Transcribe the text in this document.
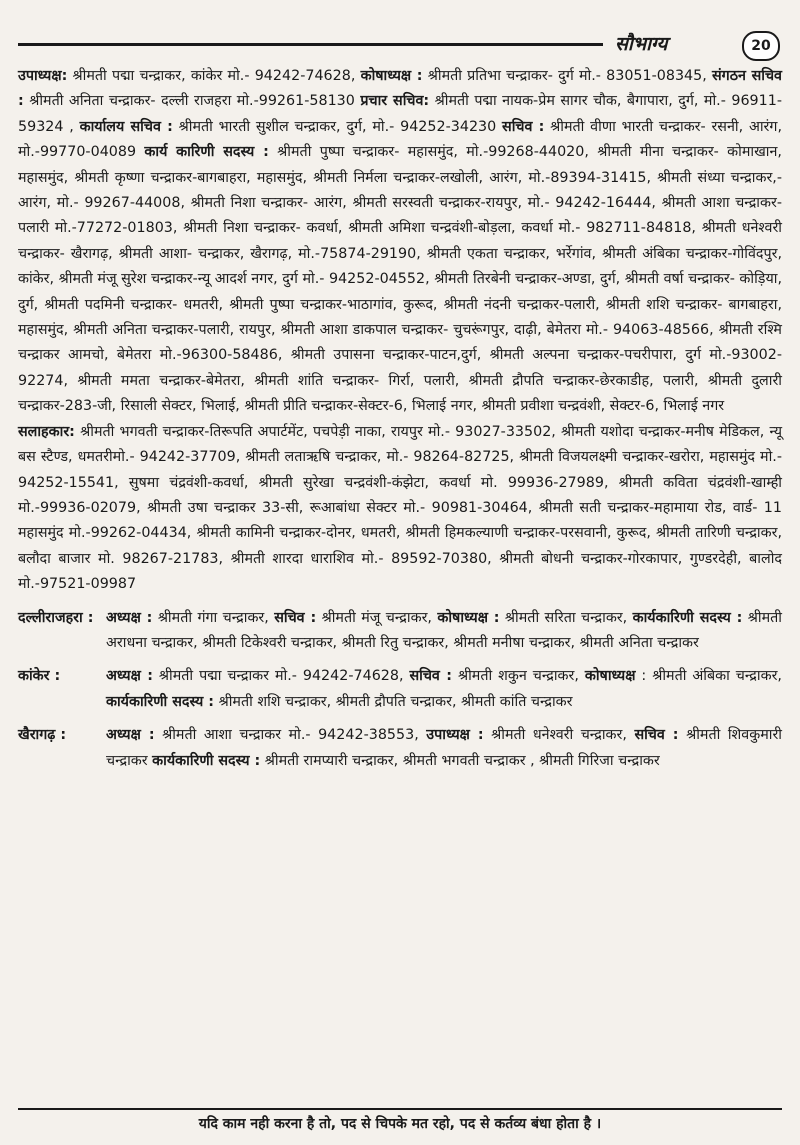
सौभाग्य	20

उपाध्यक्ष: श्रीमती पद्मा चन्द्राकर, कांकेर मो.- 94242-74628, कोषाध्यक्ष : श्रीमती प्रतिभा चन्द्राकर- दुर्ग मो.- 83051-08345, संगठन सचिव : श्रीमती अनिता चन्द्राकर- दल्ली राजहरा मो.-99261-58130 प्रचार सचिव: श्रीमती पद्मा नायक-प्रेम सागर चौक, बैगापारा, दुर्ग, मो.- 96911-59324 , कार्यालय सचिव : श्रीमती भारती सुशील चन्द्राकर, दुर्ग, मो.- 94252-34230 सचिव : श्रीमती वीणा भारती चन्द्राकर- रसनी, आरंग, मो.-99770-04089 कार्य कारिणी सदस्य : श्रीमती पुष्पा चन्द्राकर- महासमुंद, मो.-99268-44020, श्रीमती मीना चन्द्राकर- कोमाखान, महासमुंद, श्रीमती कृष्णा चन्द्राकर-बागबाहरा, महासमुंद, श्रीमती निर्मला चन्द्राकर-लखोली, आरंग, मो.-89394-31415, श्रीमती संध्या चन्द्राकर,-आरंग, मो.- 99267-44008, श्रीमती निशा चन्द्राकर- आरंग, श्रीमती सरस्वती चन्द्राकर-रायपुर, मो.- 94242-16444, श्रीमती आशा चन्द्राकर-पलारी मो.-77272-01803, श्रीमती निशा चन्द्राकर- कवर्धा, श्रीमती अमिशा चन्द्रवंशी-बोड़ला, कवर्धा मो.- 982711-84818, श्रीमती धनेश्वरी चन्द्राकर- खैरागढ़, श्रीमती आशा- चन्द्राकर, खैरागढ़, मो.-75874-29190, श्रीमती एकता चन्द्राकर, भर्रेगांव, श्रीमती अंबिका चन्द्राकर-गोविंदपुर, कांकेर, श्रीमती मंजू सुरेश चन्द्राकर-न्यू आदर्श नगर, दुर्ग मो.- 94252-04552, श्रीमती तिरबेनी चन्द्राकर-अण्डा, दुर्ग, श्रीमती वर्षा चन्द्राकर- कोड़िया, दुर्ग, श्रीमती पदमिनी चन्द्राकर- धमतरी, श्रीमती पुष्पा चन्द्राकर-भाठागांव, कुरूद, श्रीमती नंदनी चन्द्राकर-पलारी, श्रीमती शशि चन्द्राकर- बागबाहरा, महासमुंद, श्रीमती अनिता चन्द्राकर-पलारी, रायपुर, श्रीमती आशा डाकपाल चन्द्राकर- चुचरूंगपुर, दाढ़ी, बेमेतरा मो.- 94063-48566, श्रीमती रश्मि चन्द्राकर आमचो, बेमेतरा मो.-96300-58486, श्रीमती उपासना चन्द्राकर-पाटन,दुर्ग, श्रीमती अल्पना चन्द्राकर-पचरीपारा, दुर्ग मो.-93002-92274, श्रीमती ममता चन्द्राकर-बेमेतरा, श्रीमती शांति चन्द्राकर- गिर्रा, पलारी, श्रीमती द्रौपति चन्द्राकर-छेरकाडीह, पलारी, श्रीमती दुलारी चन्द्राकर-283-जी, रिसाली सेक्टर, भिलाई, श्रीमती प्रीति चन्द्राकर-सेक्टर-6, भिलाई नगर, श्रीमती प्रवीशा चन्द्रवंशी, सेक्टर-6, भिलाई नगर

सलाहकार: श्रीमती भगवती चन्द्राकर-तिरूपति अपार्टमेंट, पचपेड़ी नाका, रायपुर मो.- 93027-33502, श्रीमती यशोदा चन्द्राकर-मनीष मेडिकल, न्यू बस स्टैण्ड, धमतरीमो.- 94242-37709, श्रीमती लताऋषि चन्द्राकर, मो.- 98264-82725, श्रीमती विजयलक्ष्मी चन्द्राकर-खरोरा, महासमुंद मो.- 94252-15541, सुषमा चंद्रवंशी-कवर्धा, श्रीमती सुरेखा चन्द्रवंशी-कंझेटा, कवर्धा मो. 99936-27989, श्रीमती कविता चंद्रवंशी-खाम्ही मो.-99936-02079, श्रीमती उषा चन्द्राकर 33-सी, रूआबांधा सेक्टर मो.- 90981-30464, श्रीमती सती चन्द्राकर-महामाया रोड, वार्ड- 11 महासमुंद मो.-99262-04434, श्रीमती कामिनी चन्द्राकर-दोनर, धमतरी, श्रीमती हिमकल्याणी चन्द्राकर-परसवानी, कुरूद, श्रीमती तारिणी चन्द्राकर, बलौदा बाजार मो. 98267-21783, श्रीमती शारदा धाराशिव मो.- 89592-70380, श्रीमती बोधनी चन्द्राकर-गोरकापार, गुण्डरदेही, बालोद मो.-97521-09987

दल्लीराजहरा : अध्यक्ष : श्रीमती गंगा चन्द्राकर, सचिव : श्रीमती मंजू चन्द्राकर, कोषाध्यक्ष : श्रीमती सरिता चन्द्राकर, कार्यकारिणी सदस्य : श्रीमती अराधना चन्द्राकर, श्रीमती टिकेश्वरी चन्द्राकर, श्रीमती रितु चन्द्राकर, श्रीमती मनीषा चन्द्राकर, श्रीमती अनिता चन्द्राकर
कांकेर :	अध्यक्ष : श्रीमती पद्मा चन्द्राकर मो.- 94242-74628, सचिव : श्रीमती शकुन चन्द्राकर, कोषाध्यक्ष : श्रीमती अंबिका चन्द्राकर, कार्यकारिणी सदस्य : श्रीमती शशि चन्द्राकर, श्रीमती द्रौपति चन्द्राकर, श्रीमती कांति चन्द्राकर
खैरागढ़ :	अध्यक्ष : श्रीमती आशा चन्द्राकर मो.- 94242-38553, उपाध्यक्ष : श्रीमती धनेश्वरी चन्द्राकर, सचिव : श्रीमती शिवकुमारी चन्द्राकर कार्यकारिणी सदस्य : श्रीमती रामप्यारी चन्द्राकर, श्रीमती भगवती चन्द्राकर , श्रीमती गिरिजा चन्द्राकर
यदि काम नही करना है तो, पद से चिपके मत रहो, पद से कर्तव्य बंधा होता है ।
